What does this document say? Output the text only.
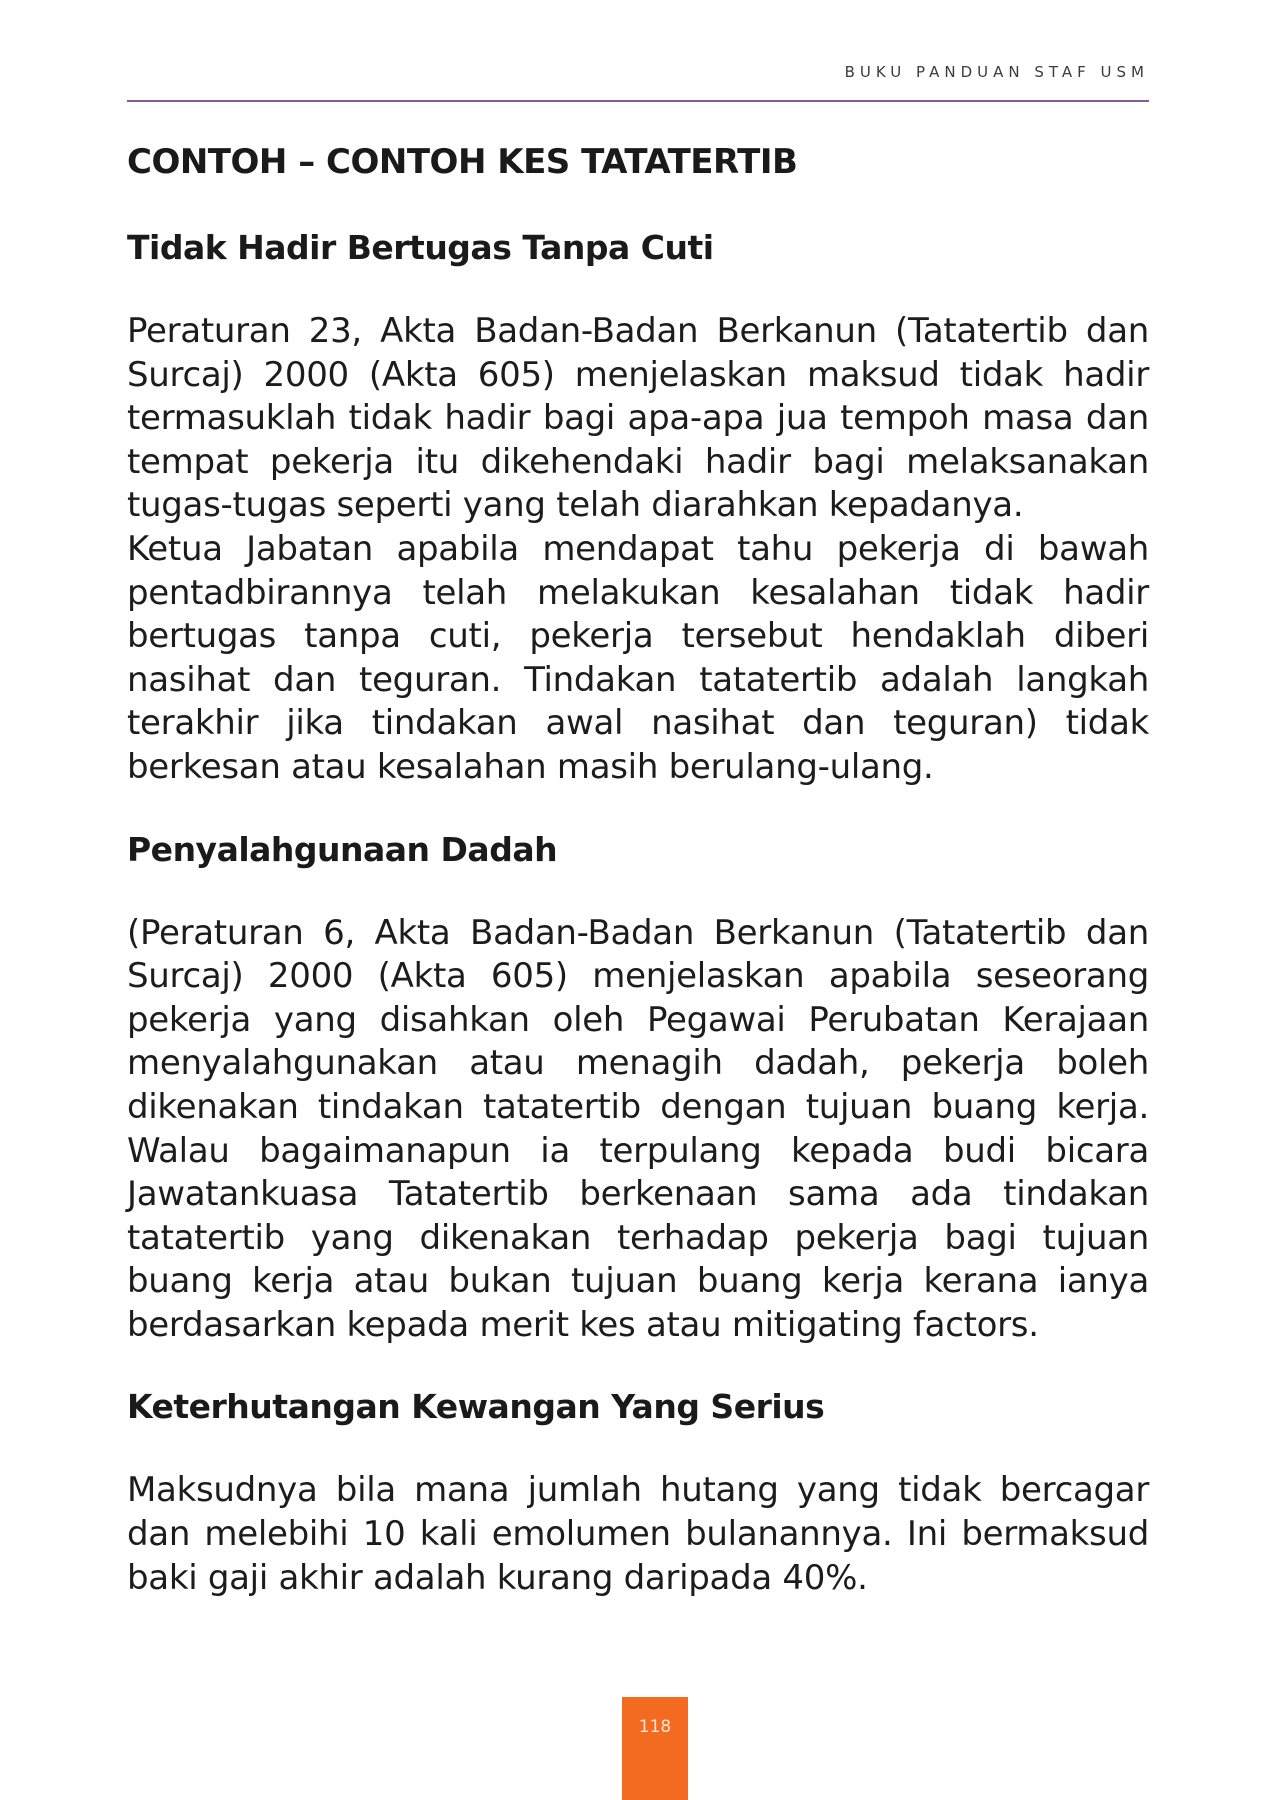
BUKU PANDUAN STAF USM
CONTOH – CONTOH KES TATATERTIB
Tidak Hadir Bertugas Tanpa Cuti

Peraturan 23, Akta Badan-Badan Berkanun (Tatatertib dan Surcaj) 2000 (Akta 605) menjelaskan maksud tidak hadir termasuklah tidak hadir bagi apa-apa jua tempoh masa dan tempat pekerja itu dikehendaki hadir bagi melaksanakan tugas-tugas seperti yang telah diarahkan kepadanya.

Ketua Jabatan apabila mendapat tahu pekerja di bawah pentadbirannya telah melakukan kesalahan tidak hadir bertugas tanpa cuti, pekerja tersebut hendaklah diberi nasihat dan teguran. Tindakan tatatertib adalah langkah terakhir jika tindakan awal nasihat dan teguran) tidak berkesan atau kesalahan masih berulang-ulang.

Penyalahgunaan Dadah

(Peraturan 6, Akta Badan-Badan Berkanun (Tatatertib dan Surcaj) 2000 (Akta 605) menjelaskan apabila seseorang pekerja yang disahkan oleh Pegawai Perubatan Kerajaan menyalahgunakan atau menagih dadah, pekerja boleh dikenakan tindakan tatatertib dengan tujuan buang kerja. Walau bagaimanapun ia terpulang kepada budi bicara Jawatankuasa Tatatertib berkenaan sama ada tindakan tatatertib yang dikenakan terhadap pekerja bagi tujuan buang kerja atau bukan tujuan buang kerja kerana ianya berdasarkan kepada merit kes atau mitigating factors.

Keterhutangan Kewangan Yang Serius

Maksudnya bila mana jumlah hutang yang tidak bercagar dan melebihi 10 kali emolumen bulanannya. Ini bermaksud baki gaji akhir adalah kurang daripada 40%.

118
